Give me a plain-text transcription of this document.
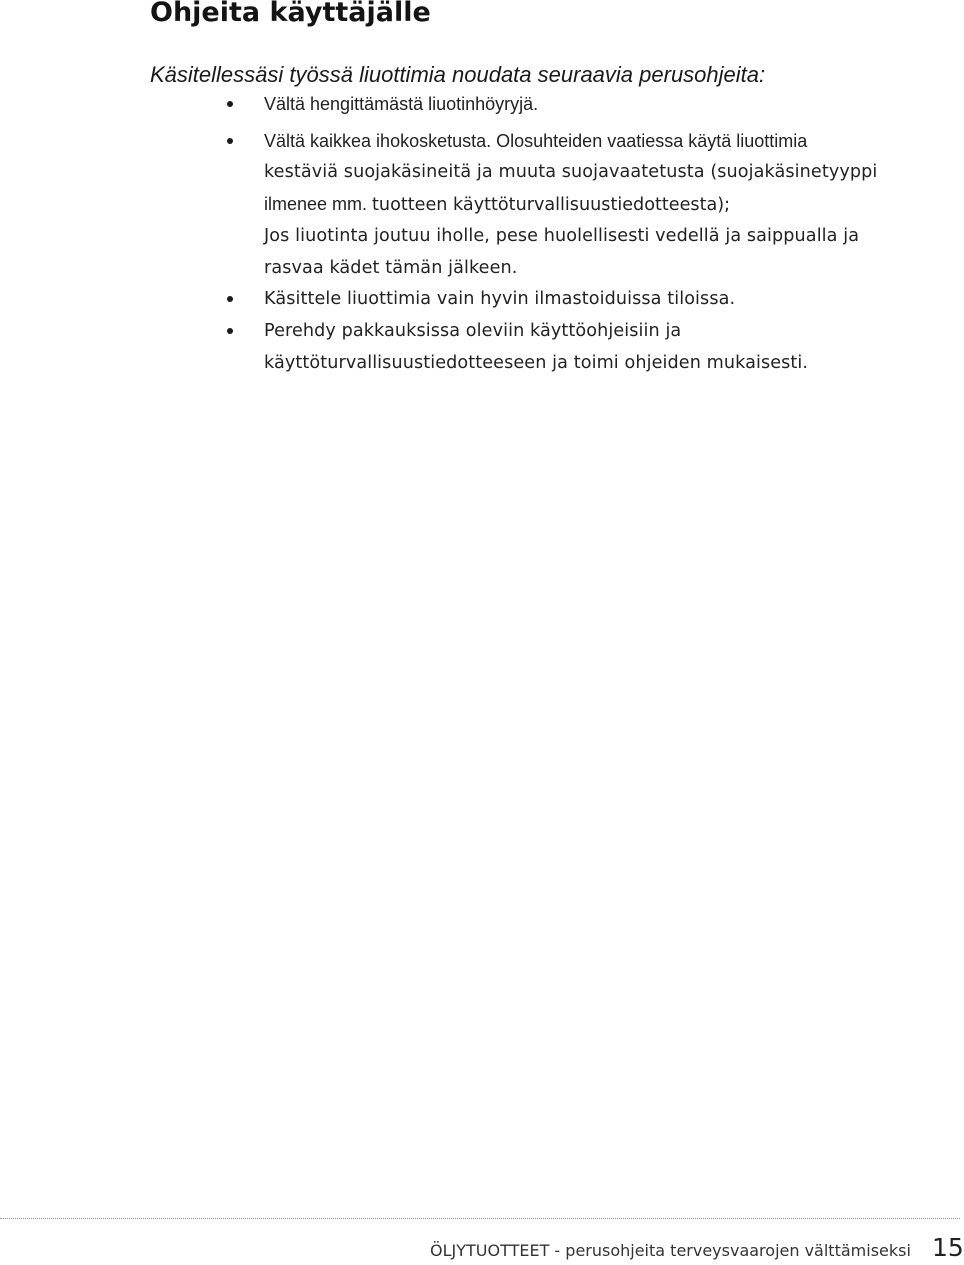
Ohjeita käyttäjälle

Käsitellessäsi työssä liuottimia noudata seuraavia perusohjeita:

Vältä hengittämästä liuotinhöyryjä.

Vältä kaikkea ihokosketusta. Olosuhteiden vaatiessa käytä liuottimia

kestäviä suojakäsineitä ja muuta suojavaatetusta (suojakäsinetyyppi

ilmenee mm. tuotteen käyttöturvallisuustiedotteesta);

Jos liuotinta joutuu iholle, pese huolellisesti vedellä ja saippualla ja

rasvaa kädet tämän jälkeen.

Käsittele liuottimia vain hyvin ilmastoiduissa tiloissa.

Perehdy pakkauksissa oleviin käyttöohjeisiin ja

käyttöturvallisuustiedotteeseen ja toimi ohjeiden mukaisesti.

ÖLJYTUOTTEET - perusohjeita terveysvaarojen välttämiseksi 15
